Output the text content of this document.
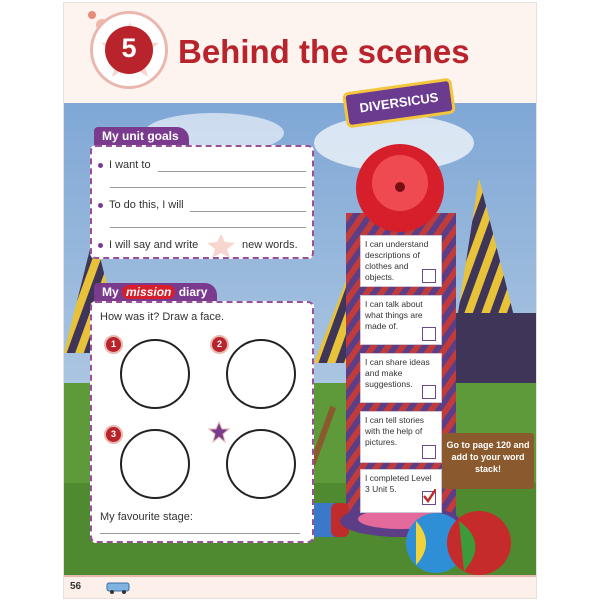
5	Behind the scenes
DIVERSICUS
My unit goals
I want to
To do this, I will
I will say and write	new words.
My mission diary
How was it? Draw a face.
1	2
3
My favourite stage:
I can understand descriptions of clothes and objects.
I can talk about what things are made of.
I can share ideas and make suggestions.
I can tell stories with the help of pictures.
I completed Level 3 Unit 5.
Go to page 120 and add to your word stack!
56
